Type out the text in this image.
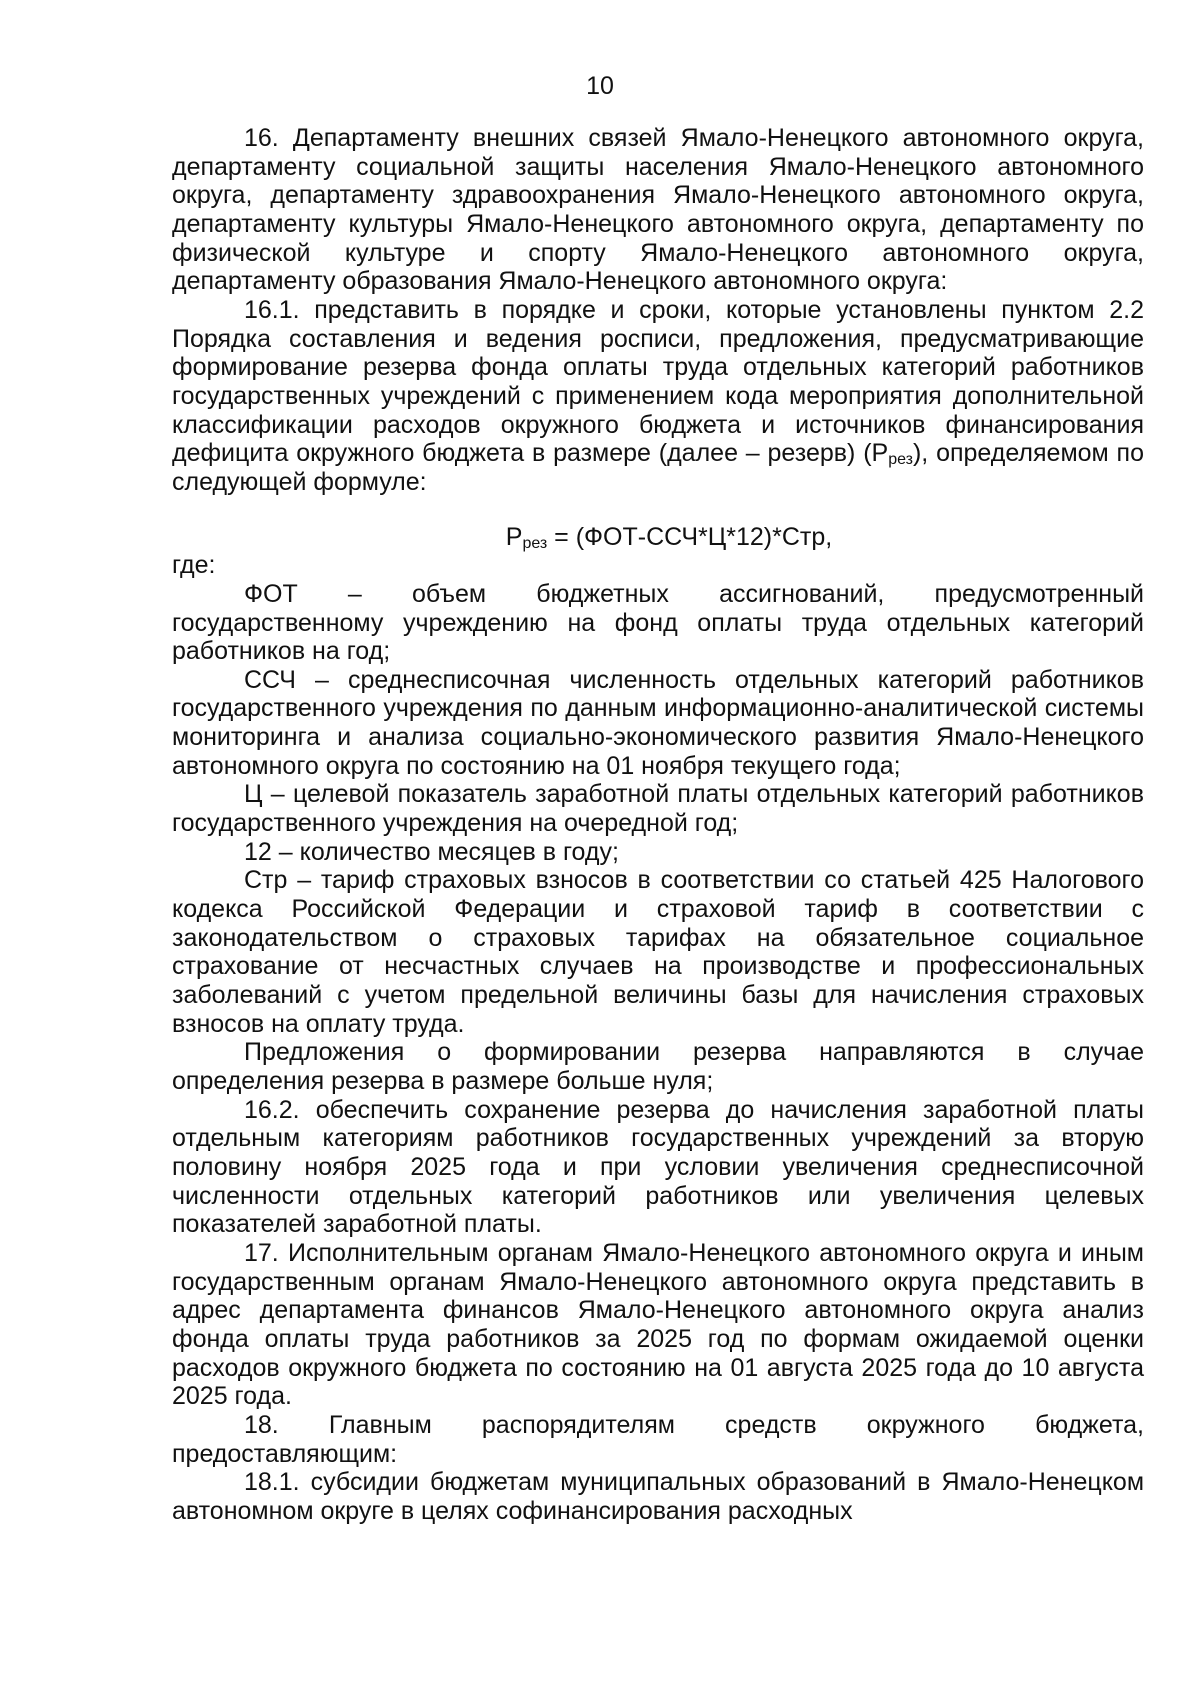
10

16. Департаменту внешних связей Ямало-Ненецкого автономного округа, департаменту социальной защиты населения Ямало-Ненецкого автономного округа, департаменту здравоохранения Ямало-Ненецкого автономного округа, департаменту культуры Ямало-Ненецкого автономного округа, департаменту по физической культуре и спорту Ямало-Ненецкого автономного округа, департаменту образования Ямало-Ненецкого автономного округа:

16.1. представить в порядке и сроки, которые установлены пунктом 2.2 Порядка составления и ведения росписи, предложения, предусматривающие формирование резерва фонда оплаты труда отдельных категорий работников государственных учреждений с применением кода мероприятия дополнительной классификации расходов окружного бюджета и источников финансирования дефицита окружного бюджета в размере (далее – резерв) $(Р_{рез})$, определяемом по следующей формуле:

$Р_{рез} = (ФОТ-ССЧ*Ц*12)*Стр$,

где:

ФОТ – объем бюджетных ассигнований, предусмотренный государственному учреждению на фонд оплаты труда отдельных категорий работников на год;

ССЧ – среднесписочная численность отдельных категорий работников государственного учреждения по данным информационно-аналитической системы мониторинга и анализа социально-экономического развития Ямало-Ненецкого автономного округа по состоянию на 01 ноября текущего года;

Ц – целевой показатель заработной платы отдельных категорий работников государственного учреждения на очередной год;

12 – количество месяцев в году;

Стр – тариф страховых взносов в соответствии со статьей 425 Налогового кодекса Российской Федерации и страховой тариф в соответствии с законодательством о страховых тарифах на обязательное социальное страхование от несчастных случаев на производстве и профессиональных заболеваний с учетом предельной величины базы для начисления страховых взносов на оплату труда.

Предложения о формировании резерва направляются в случае определения резерва в размере больше нуля;

16.2. обеспечить сохранение резерва до начисления заработной платы отдельным категориям работников государственных учреждений за вторую половину ноября 2025 года и при условии увеличения среднесписочной численности отдельных категорий работников или увеличения целевых показателей заработной платы.

17. Исполнительным органам Ямало-Ненецкого автономного округа и иным государственным органам Ямало-Ненецкого автономного округа представить в адрес департамента финансов Ямало-Ненецкого автономного округа анализ фонда оплаты труда работников за 2025 год по формам ожидаемой оценки расходов окружного бюджета по состоянию на 01 августа 2025 года до 10 августа 2025 года.

18. Главным распорядителям средств окружного бюджета, предоставляющим:

18.1. субсидии бюджетам муниципальных образований в Ямало-Ненецком автономном округе в целях софинансирования расходных
